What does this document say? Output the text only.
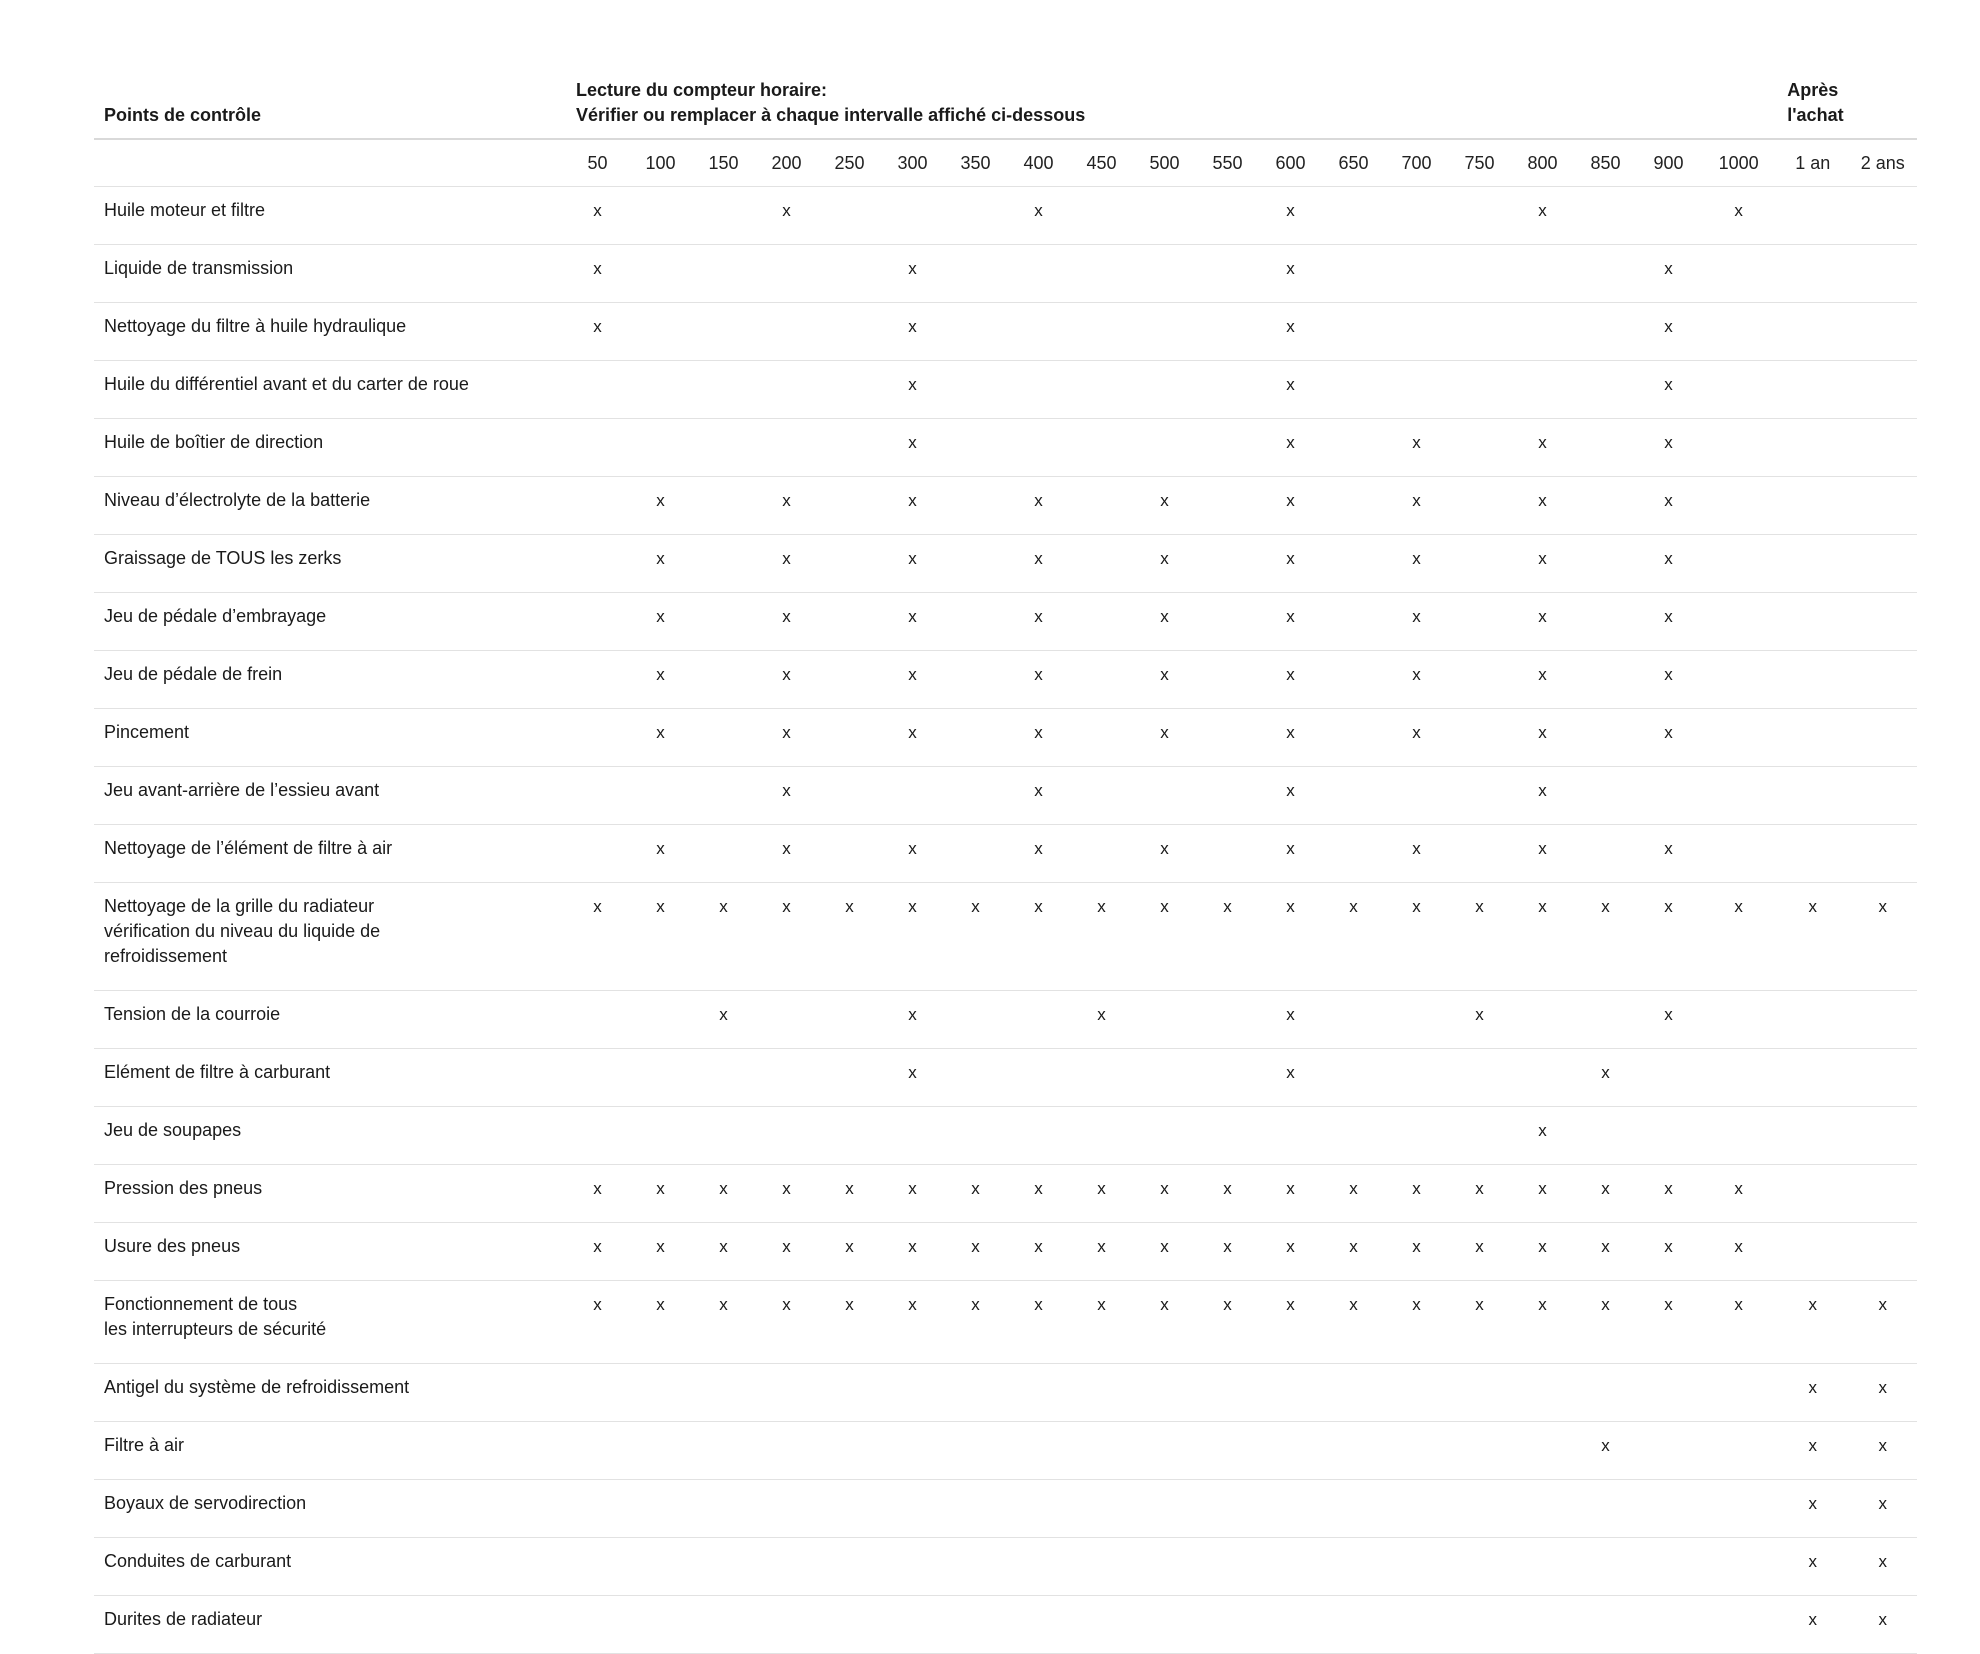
Points de contrôle	Lecture du compteur horaire:
Vérifier ou remplacer à chaque intervalle affiché ci-dessous																			Après
l'achat	

	50	100	150	200	250	300	350	400	450	500	550	600	650	700	750	800	850	900	1000	1 an	2 ans

Huile moteur et filtre	x			x				x				x				x			x		

Liquide de transmission	x					x						x						x			

Nettoyage du filtre à huile hydraulique	x					x						x						x			

Huile du différentiel avant et du carter de roue						x						x						x			

Huile de boîtier de direction						x						x		x		x		x			

Niveau d’électrolyte de la batterie		x		x		x		x		x		x		x		x		x			

Graissage de TOUS les zerks		x		x		x		x		x		x		x		x		x			

Jeu de pédale d’embrayage		x		x		x		x		x		x		x		x		x			

Jeu de pédale de frein		x		x		x		x		x		x		x		x		x			

Pincement		x		x		x		x		x		x		x		x		x			

Jeu avant-arrière de l’essieu avant				x				x				x				x					

Nettoyage de l’élément de filtre à air		x		x		x		x		x		x		x		x		x			

Nettoyage de la grille du radiateur
vérification du niveau du liquide de
refroidissement	x	x	x	x	x	x	x	x	x	x	x	x	x	x	x	x	x	x	x	x	x

Tension de la courroie			x			x			x			x			x			x			

Elément de filtre à carburant						x						x					x				

Jeu de soupapes																x					

Pression des pneus	x	x	x	x	x	x	x	x	x	x	x	x	x	x	x	x	x	x	x		

Usure des pneus	x	x	x	x	x	x	x	x	x	x	x	x	x	x	x	x	x	x	x		

Fonctionnement de tous
les interrupteurs de sécurité	x	x	x	x	x	x	x	x	x	x	x	x	x	x	x	x	x	x	x	x	x

Antigel du système de refroidissement																				x	x

Filtre à air																	x			x	x

Boyaux de servodirection																				x	x

Conduites de carburant																				x	x

Durites de radiateur																				x	x
